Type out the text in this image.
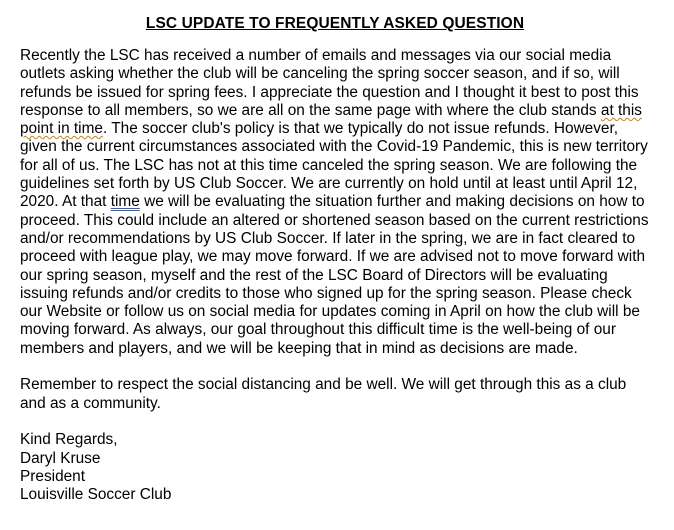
LSC UPDATE TO FREQUENTLY ASKED QUESTION

Recently the LSC has received a number of emails and messages via our social media outlets asking whether the club will be canceling the spring soccer season, and if so, will refunds be issued for spring fees. I appreciate the question and I thought it best to post this response to all members, so we are all on the same page with where the club stands at this point in time. The soccer club's policy is that we typically do not issue refunds. However, given the current circumstances associated with the Covid-19 Pandemic, this is new territory for all of us. The LSC has not at this time canceled the spring season. We are following the guidelines set forth by US Club Soccer. We are currently on hold until at least until April 12, 2020. At that time we will be evaluating the situation further and making decisions on how to proceed. This could include an altered or shortened season based on the current restrictions and/or recommendations by US Club Soccer. If later in the spring, we are in fact cleared to proceed with league play, we may move forward. If we are advised not to move forward with our spring season, myself and the rest of the LSC Board of Directors will be evaluating issuing refunds and/or credits to those who signed up for the spring season. Please check our Website or follow us on social media for updates coming in April on how the club will be moving forward. As always, our goal throughout this difficult time is the well-being of our members and players, and we will be keeping that in mind as decisions are made.

Remember to respect the social distancing and be well. We will get through this as a club and as a community.

Kind Regards,

Daryl Kruse

President

Louisville Soccer Club
